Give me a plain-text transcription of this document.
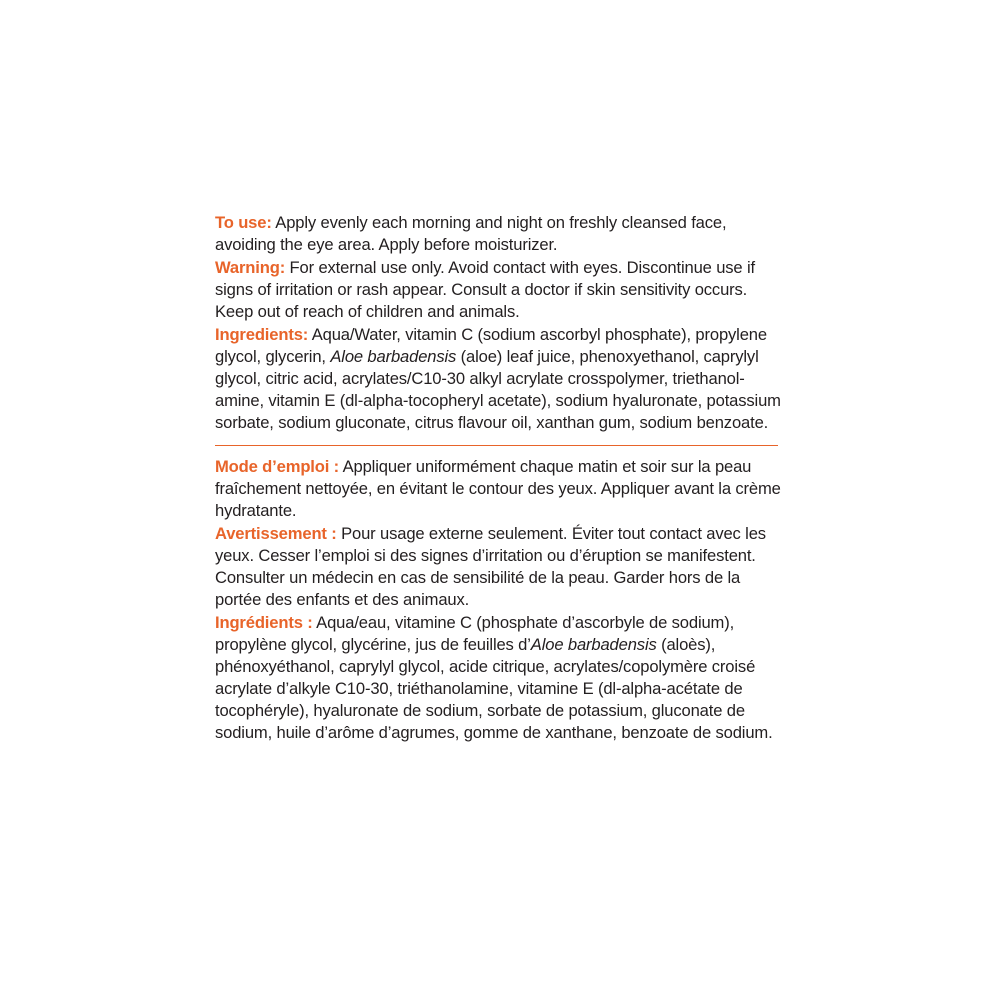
To use: Apply evenly each morning and night on freshly cleansed face, avoiding the eye area. Apply before moisturizer.

Warning: For external use only. Avoid contact with eyes. Discontinue use if signs of irritation or rash appear. Consult a doctor if skin sensitivity occurs. Keep out of reach of children and animals.

Ingredients: Aqua/Water, vitamin C (sodium ascorbyl phosphate), propylene glycol, glycerin, Aloe barbadensis (aloe) leaf juice, phenoxyethanol, caprylyl glycol, citric acid, acrylates/C10-30 alkyl acrylate crosspolymer, triethanol- amine, vitamin E (dl-alpha-tocopheryl acetate), sodium hyaluronate, potassium sorbate, sodium gluconate, citrus flavour oil, xanthan gum, sodium benzoate.

Mode d’emploi : Appliquer uniformément chaque matin et soir sur la peau fraîchement nettoyée, en évitant le contour des yeux. Appliquer avant la crème hydratante.

Avertissement : Pour usage externe seulement. Éviter tout contact avec les yeux. Cesser l’emploi si des signes d’irritation ou d’éruption se manifestent. Consulter un médecin en cas de sensibilité de la peau. Garder hors de la portée des enfants et des animaux.

Ingrédients : Aqua/eau, vitamine C (phosphate d’ascorbyle de sodium), propylène glycol, glycérine, jus de feuilles d’Aloe barbadensis (aloès), phénoxyéthanol, caprylyl glycol, acide citrique, acrylates/copolymère croisé acrylate d’alkyle C10-30, triéthanolamine, vitamine E (dl-alpha-acétate de tocophéryle), hyaluronate de sodium, sorbate de potassium, gluconate de sodium, huile d’arôme d’agrumes, gomme de xanthane, benzoate de sodium.
